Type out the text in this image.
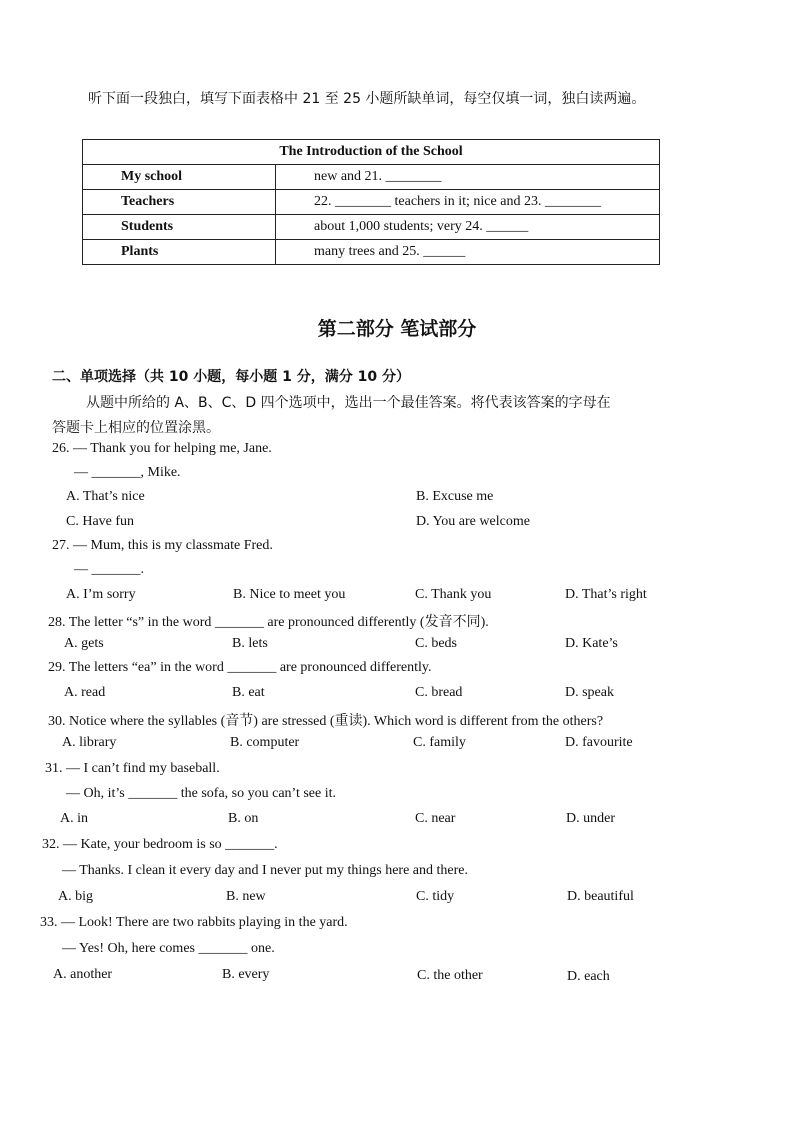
听下面一段独白，填写下面表格中 21 至 25 小题所缺单词，每空仅填一词，独白读两遍。
The Introduction of the School	
My school	new and 21. ________
Teachers	22. ________ teachers in it; nice and 23. ________
Students	about 1,000 students; very 24. ______
Plants	many trees and 25. ______
第二部分 笔试部分
二、单项选择（共 10 小题，每小题 1 分，满分 10 分）
从题中所给的 A、B、C、D 四个选项中，选出一个最佳答案。将代表该答案的字母在
答题卡上相应的位置涂黑。
26. — Thank you for helping me, Jane.
— _______, Mike.
A. That’s nice	B. Excuse me
C. Have fun	D. You are welcome
27. — Mum, this is my classmate Fred.
— _______.
A. I’m sorry	B. Nice to meet you	C. Thank you	D. That’s right
28. The letter “s” in the word _______ are pronounced differently (发音不同).
A. gets	B. lets	C. beds	D. Kate’s
29. The letters “ea” in the word _______ are pronounced differently.
A. read	B. eat	C. bread	D. speak
30. Notice where the syllables (音节) are stressed (重读). Which word is different from the others?
A. library	B. computer	C. family	D. favourite
31. — I can’t find my baseball.
— Oh, it’s _______ the sofa, so you can’t see it.
A. in	B. on	C. near	D. under
32. — Kate, your bedroom is so _______.
— Thanks. I clean it every day and I never put my things here and there.
A. big	B. new	C. tidy	D. beautiful
33. — Look! There are two rabbits playing in the yard.
— Yes! Oh, here comes _______ one.
A. another	B. every	C. the other	D. each
